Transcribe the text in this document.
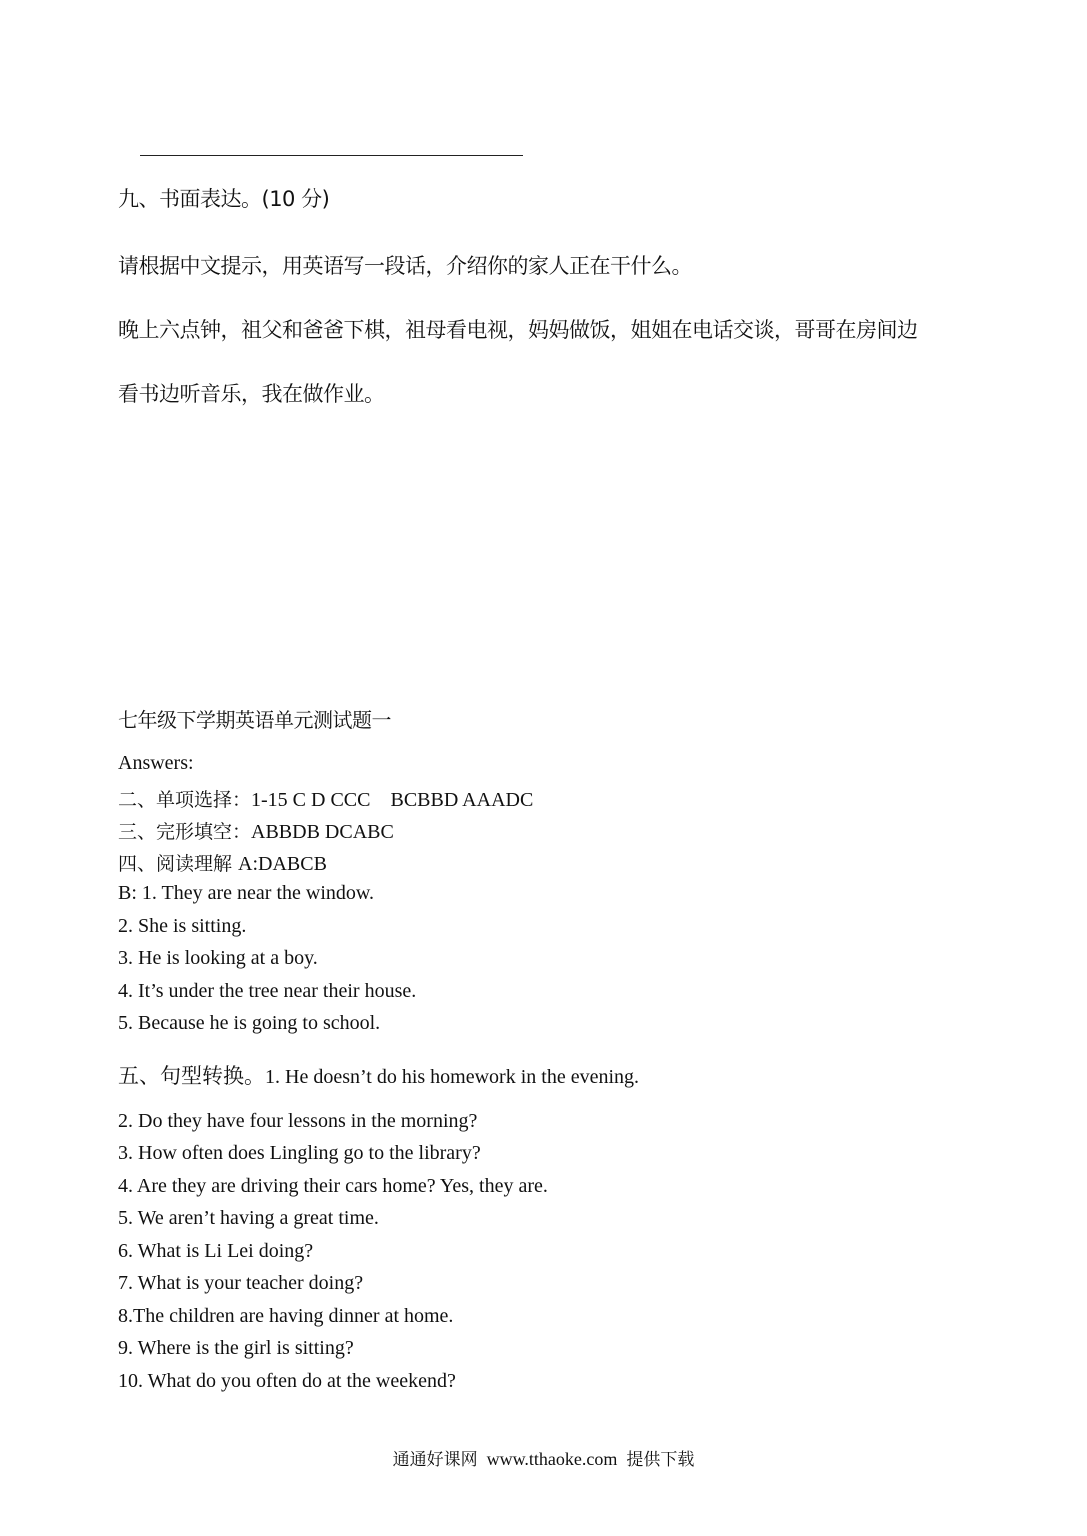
九、书面表达。(10 分)
请根据中文提示，用英语写一段话，介绍你的家人正在干什么。
晚上六点钟，祖父和爸爸下棋，祖母看电视，妈妈做饭，姐姐在电话交谈，哥哥在房间边
看书边听音乐，我在做作业。
七年级下学期英语单元测试题一
Answers:
二、单项选择：1-15 C D CCC    BCBBD AAADC
三、完形填空：ABBDB DCABC
四、阅读理解 A:DABCB
B: 1. They are near the window.
2. She is sitting.
3. He is looking at a boy.
4. It’s under the tree near their house.
5. Because he is going to school.
五、句型转换。1. He doesn’t do his homework in the evening.
2. Do they have four lessons in the morning?
3. How often does Lingling go to the library?
4. Are they are driving their cars home? Yes, they are.
5. We aren’t having a great time.
6. What is Li Lei doing?
7. What is your teacher doing?
8.The children are having dinner at home.
9. Where is the girl is sitting?
10. What do you often do at the weekend?
通通好课网 www.tthaoke.com 提供下载
